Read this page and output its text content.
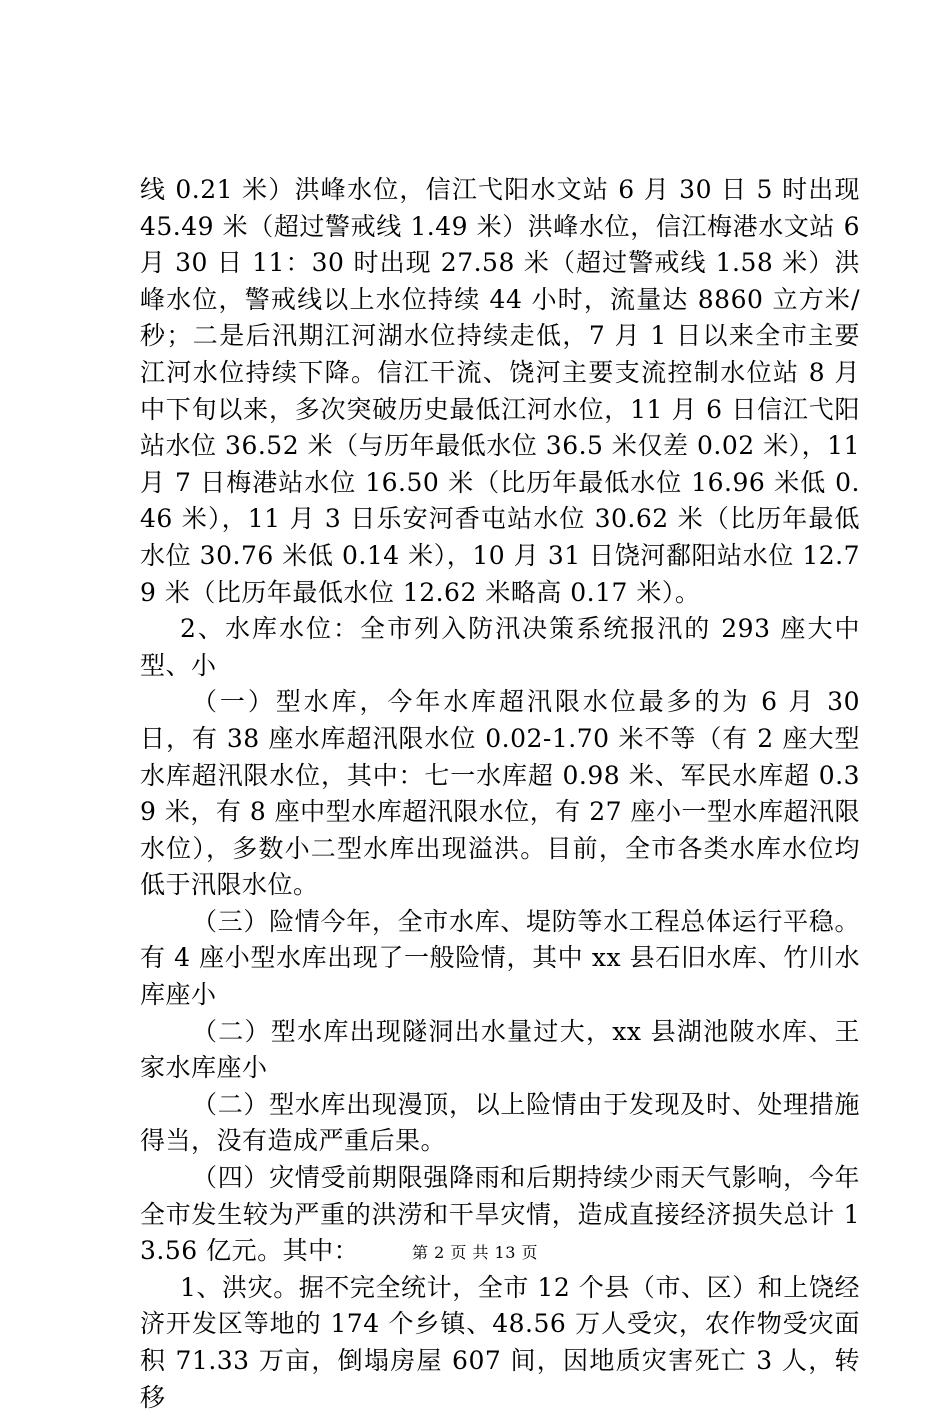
线 0.21 米）洪峰水位，信江弋阳水文站 6 月 30 日 5 时出现 45.49 米（超过警戒线 1.49 米）洪峰水位，信江梅港水文站 6 月 30 日 11：30 时出现 27.58 米（超过警戒线 1.58 米）洪峰水位，警戒线以上水位持续 44 小时，流量达 8860 立方米/秒；二是后汛期江河湖水位持续走低，7 月 1 日以来全市主要江河水位持续下降。信江干流、饶河主要支流控制水位站 8 月中下旬以来，多次突破历史最低江河水位，11 月 6 日信江弋阳站水位 36.52 米（与历年最低水位 36.5 米仅差 0.02 米），11 月 7 日梅港站水位 16.50 米（比历年最低水位 16.96 米低 0.46 米），11 月 3 日乐安河香屯站水位 30.62 米（比历年最低水位 30.76 米低 0.14 米），10 月 31 日饶河鄱阳站水位 12.79 米（比历年最低水位 12.62 米略高 0.17 米）。

2、水库水位：全市列入防汛决策系统报汛的 293 座大中型、小

（一）型水库，今年水库超汛限水位最多的为 6 月 30 日，有 38 座水库超汛限水位 0.02-1.70 米不等（有 2 座大型水库超汛限水位，其中：七一水库超 0.98 米、军民水库超 0.39 米，有 8 座中型水库超汛限水位，有 27 座小一型水库超汛限水位），多数小二型水库出现溢洪。目前，全市各类水库水位均低于汛限水位。

（三）险情今年，全市水库、堤防等水工程总体运行平稳。有 4 座小型水库出现了一般险情，其中 xx 县石旧水库、竹川水库座小

（二）型水库出现隧洞出水量过大，xx 县湖池陂水库、王家水库座小

（二）型水库出现漫顶，以上险情由于发现及时、处理措施得当，没有造成严重后果。

（四）灾情受前期限强降雨和后期持续少雨天气影响，今年全市发生较为严重的洪涝和干旱灾情，造成直接经济损失总计 13.56 亿元。其中：

1、洪灾。据不完全统计，全市 12 个县（市、区）和上饶经济开发区等地的 174 个乡镇、48.56 万人受灾，农作物受灾面积 71.33 万亩，倒塌房屋 607 间，因地质灾害死亡 3 人，转移

第 2 页 共 13 页
